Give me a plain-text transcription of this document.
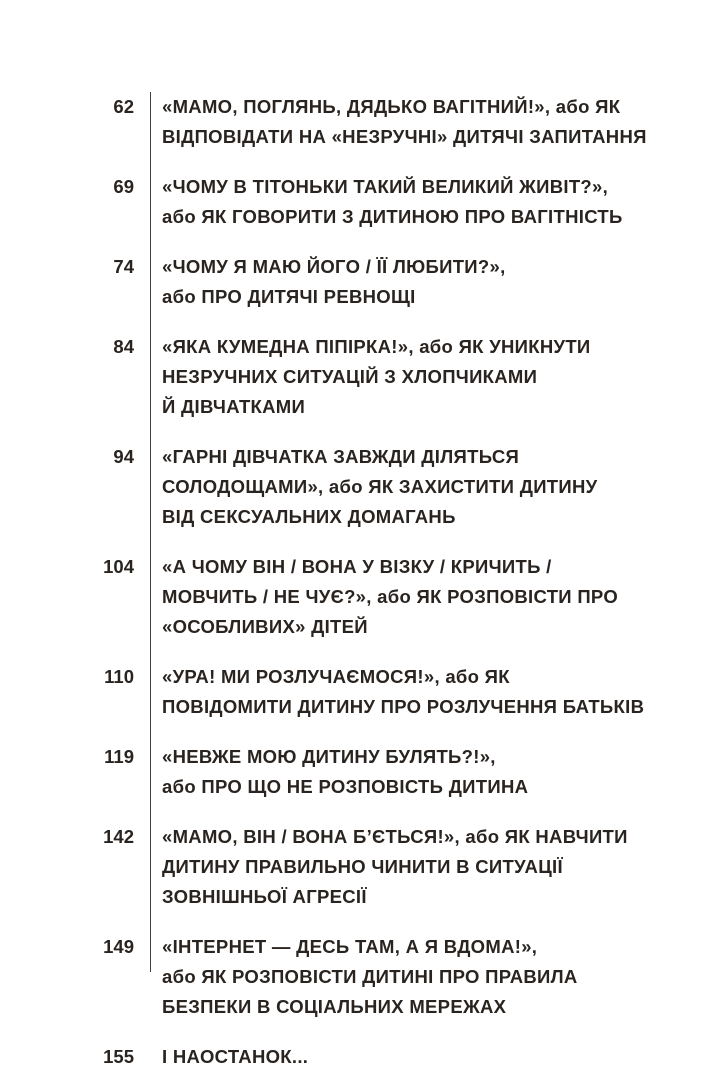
62 «МАМО, ПОГЛЯНЬ, ДЯДЬКО ВАГІТНИЙ!», або ЯК
ВІДПОВІДАТИ НА «НЕЗРУЧНІ» ДИТЯЧІ ЗАПИТАННЯ
69 «ЧОМУ В ТІТОНЬКИ ТАКИЙ ВЕЛИКИЙ ЖИВІТ?»,
або ЯК ГОВОРИТИ З ДИТИНОЮ ПРО ВАГІТНІСТЬ
74 «ЧОМУ Я МАЮ ЙОГО / ЇЇ ЛЮБИТИ?»,
або ПРО ДИТЯЧІ РЕВНОЩІ
84 «ЯКА КУМЕДНА ПІПІРКА!», або ЯК УНИКНУТИ
НЕЗРУЧНИХ СИТУАЦІЙ З ХЛОПЧИКАМИ
Й ДІВЧАТКАМИ
94 «ГАРНІ ДІВЧАТКА ЗАВЖДИ ДІЛЯТЬСЯ
СОЛОДОЩАМИ», або ЯК ЗАХИСТИТИ ДИТИНУ
ВІД СЕКСУАЛЬНИХ ДОМАГАНЬ
104 «А ЧОМУ ВІН / ВОНА У ВІЗКУ / КРИЧИТЬ /
МОВЧИТЬ / НЕ ЧУЄ?», або ЯК РОЗПОВІСТИ ПРО
«ОСОБЛИВИХ» ДІТЕЙ
110 «УРА! МИ РОЗЛУЧАЄМОСЯ!», або ЯК
ПОВІДОМИТИ ДИТИНУ ПРО РОЗЛУЧЕННЯ БАТЬКІВ
119 «НЕВЖЕ МОЮ ДИТИНУ БУЛЯТЬ?!»,
або ПРО ЩО НЕ РОЗПОВІСТЬ ДИТИНА
142 «МАМО, ВІН / ВОНА Б’ЄТЬСЯ!», або ЯК НАВЧИТИ
ДИТИНУ ПРАВИЛЬНО ЧИНИТИ В СИТУАЦІЇ
ЗОВНІШНЬОЇ АГРЕСІЇ
149 «ІНТЕРНЕТ — ДЕСЬ ТАМ, А Я ВДОМА!»,
або ЯК РОЗПОВІСТИ ДИТИНІ ПРО ПРАВИЛА
БЕЗПЕКИ В СОЦІАЛЬНИХ МЕРЕЖАХ
155 І НАОСТАНОК...
